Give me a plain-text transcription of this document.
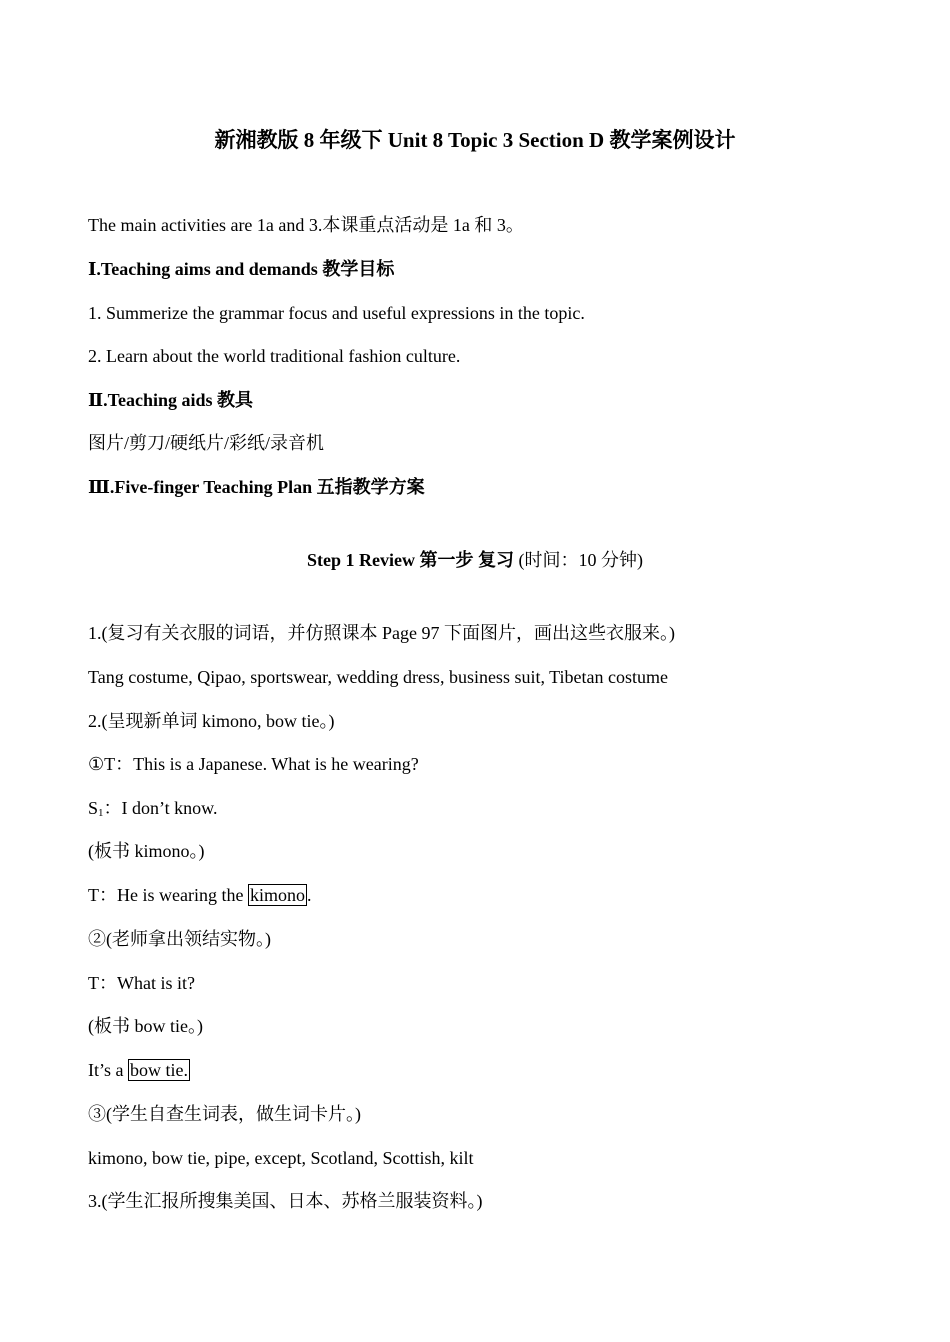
新湘教版 8 年级下 Unit 8 Topic 3 Section D 教学案例设计
The main activities are 1a and 3.本课重点活动是 1a 和 3。
Ⅰ.Teaching aims and demands 教学目标
1. Summerize the grammar focus and useful expressions in the topic.
2. Learn about the world traditional fashion culture.
Ⅱ.Teaching aids 教具
图片/剪刀/硬纸片/彩纸/录音机
Ⅲ.Five-finger Teaching Plan 五指教学方案
Step 1 Review 第一步 复习 (时间：10 分钟)
1.(复习有关衣服的词语，并仿照课本 Page 97 下面图片，画出这些衣服来。)
Tang costume, Qipao, sportswear, wedding dress, business suit, Tibetan costume
2.(呈现新单词 kimono, bow tie。)
①T：This is a Japanese. What is he wearing?
$S_1$：I don’t know.
(板书 kimono。)
T：He is wearing the kimono .
②(老师拿出领结实物。)
T：What is it?
(板书 bow tie。)
It’s a bow tie.
③(学生自查生词表，做生词卡片。)
kimono, bow tie, pipe, except, Scotland, Scottish, kilt
3.(学生汇报所搜集美国、日本、苏格兰服装资料。)
